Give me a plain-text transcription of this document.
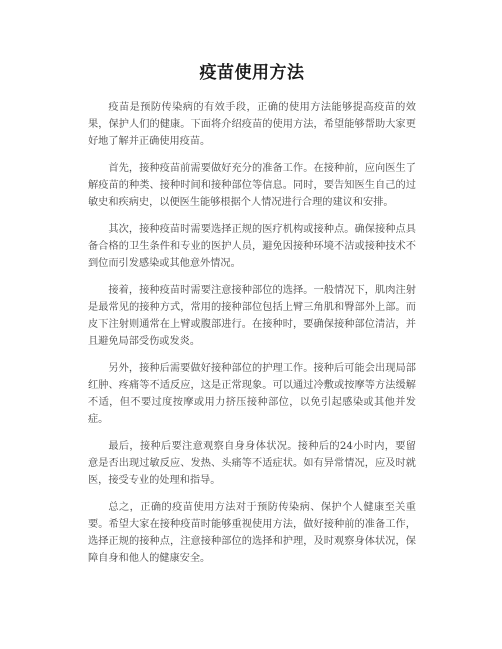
疫苗使用方法

疫苗是预防传染病的有效手段，正确的使用方法能够提高疫苗的效果，保护人们的健康。下面将介绍疫苗的使用方法，希望能够帮助大家更好地了解并正确使用疫苗。

首先，接种疫苗前需要做好充分的准备工作。在接种前，应向医生了解疫苗的种类、接种时间和接种部位等信息。同时，要告知医生自己的过敏史和疾病史，以便医生能够根据个人情况进行合理的建议和安排。

其次，接种疫苗时需要选择正规的医疗机构或接种点。确保接种点具备合格的卫生条件和专业的医护人员，避免因接种环境不洁或接种技术不到位而引发感染或其他意外情况。

接着，接种疫苗时需要注意接种部位的选择。一般情况下，肌肉注射是最常见的接种方式，常用的接种部位包括上臂三角肌和臀部外上部。而皮下注射则通常在上臂或腹部进行。在接种时，要确保接种部位清洁，并且避免局部受伤或发炎。

另外，接种后需要做好接种部位的护理工作。接种后可能会出现局部红肿、疼痛等不适反应，这是正常现象。可以通过冷敷或按摩等方法缓解不适，但不要过度按摩或用力挤压接种部位，以免引起感染或其他并发症。

最后，接种后要注意观察自身身体状况。接种后的24小时内，要留意是否出现过敏反应、发热、头痛等不适症状。如有异常情况，应及时就医，接受专业的处理和指导。

总之，正确的疫苗使用方法对于预防传染病、保护个人健康至关重要。希望大家在接种疫苗时能够重视使用方法，做好接种前的准备工作，选择正规的接种点，注意接种部位的选择和护理，及时观察身体状况，保障自身和他人的健康安全。
